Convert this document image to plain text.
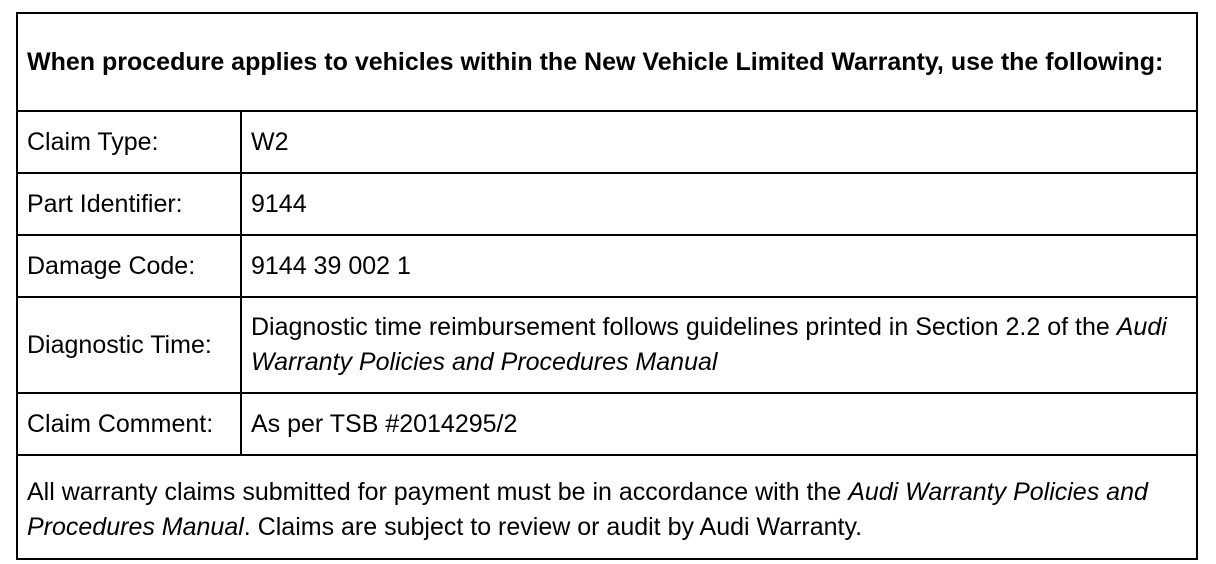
When procedure applies to vehicles within the New Vehicle Limited Warranty, use the following:	
Claim Type:	W2
Part Identifier:	9144
Damage Code:	9144 39 002 1
Diagnostic Time:	Diagnostic time reimbursement follows guidelines printed in Section 2.2 of the Audi Warranty Policies and Procedures Manual
Claim Comment:	As per TSB #2014295/2
All warranty claims submitted for payment must be in accordance with the Audi Warranty Policies and Procedures Manual. Claims are subject to review or audit by Audi Warranty.	
